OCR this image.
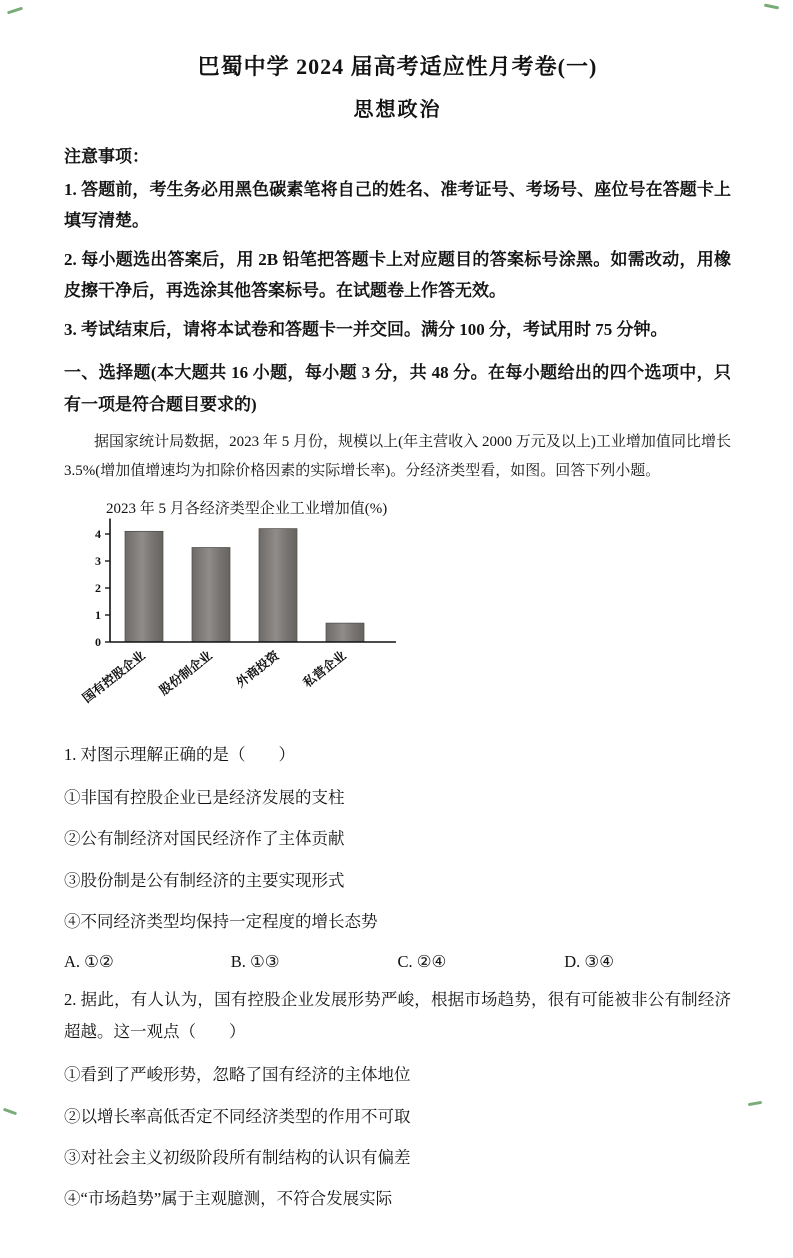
巴蜀中学 2024 届高考适应性月考卷(一)
思想政治

注意事项：

1. 答题前，考生务必用黑色碳素笔将自己的姓名、准考证号、考场号、座位号在答题卡上填写清楚。

2. 每小题选出答案后，用 2B 铅笔把答题卡上对应题目的答案标号涂黑。如需改动，用橡皮擦干净后，再选涂其他答案标号。在试题卷上作答无效。

3. 考试结束后，请将本试卷和答题卡一并交回。满分 100 分，考试用时 75 分钟。

一、选择题(本大题共 16 小题，每小题 3 分，共 48 分。在每小题给出的四个选项中，只有一项是符合题目要求的)

据国家统计局数据，2023 年 5 月份，规模以上(年主营收入 2000 万元及以上)工业增加值同比增长 3.5%(增加值增速均为扣除价格因素的实际增长率)。分经济类型看，如图。回答下列小题。

2023 年 5 月各经济类型企业工业增加值(%)
0
1
2
3
4
国有控股企业 股份制企业 外商投资 私营企业

1. 对图示理解正确的是（　　）

①非国有控股企业已是经济发展的支柱

②公有制经济对国民经济作了主体贡献

③股份制是公有制经济的主要实现形式

④不同经济类型均保持一定程度的增长态势

A. ①②	B. ①③	C. ②④	D. ③④

2. 据此，有人认为，国有控股企业发展形势严峻，根据市场趋势，很有可能被非公有制经济超越。这一观点（　　）

①看到了严峻形势，忽略了国有经济的主体地位

②以增长率高低否定不同经济类型的作用不可取

③对社会主义初级阶段所有制结构的认识有偏差

④“市场趋势”属于主观臆测，不符合发展实际
